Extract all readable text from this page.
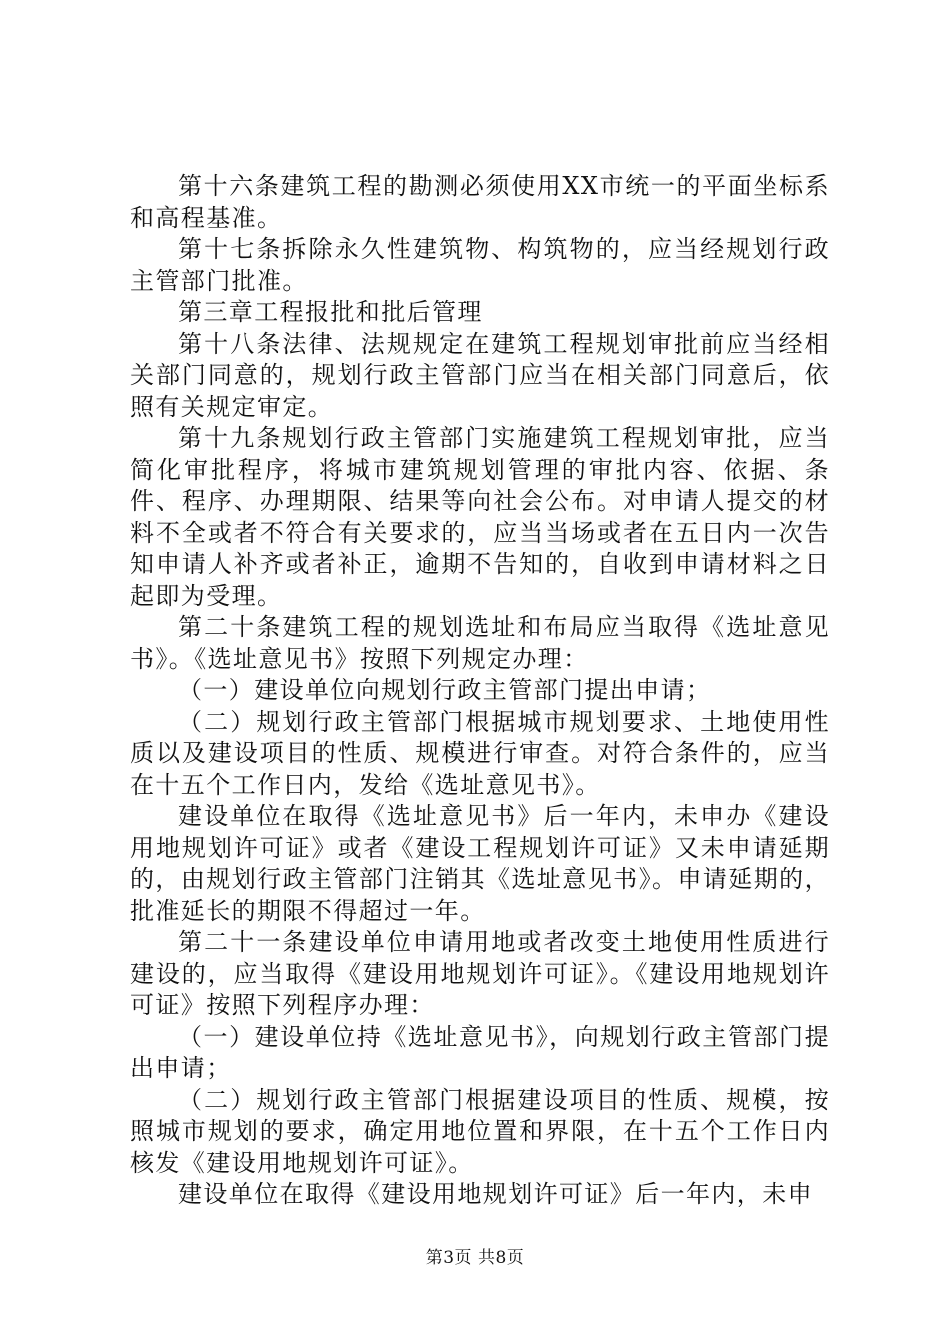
第十六条建筑工程的勘测必须使用XX市统一的平面坐标系和高程基准。

第十七条拆除永久性建筑物、构筑物的，应当经规划行政主管部门批准。

第三章工程报批和批后管理

第十八条法律、法规规定在建筑工程规划审批前应当经相关部门同意的，规划行政主管部门应当在相关部门同意后，依照有关规定审定。

第十九条规划行政主管部门实施建筑工程规划审批，应当简化审批程序，将城市建筑规划管理的审批内容、依据、条件、程序、办理期限、结果等向社会公布。对申请人提交的材料不全或者不符合有关要求的，应当当场或者在五日内一次告知申请人补齐或者补正，逾期不告知的，自收到申请材料之日起即为受理。

第二十条建筑工程的规划选址和布局应当取得《选址意见书》。《选址意见书》按照下列规定办理：

（一）建设单位向规划行政主管部门提出申请；

（二）规划行政主管部门根据城市规划要求、土地使用性质以及建设项目的性质、规模进行审查。对符合条件的，应当在十五个工作日内，发给《选址意见书》。

建设单位在取得《选址意见书》后一年内，未申办《建设用地规划许可证》或者《建设工程规划许可证》又未申请延期的，由规划行政主管部门注销其《选址意见书》。申请延期的，批准延长的期限不得超过一年。

第二十一条建设单位申请用地或者改变土地使用性质进行建设的，应当取得《建设用地规划许可证》。《建设用地规划许可证》按照下列程序办理：

（一）建设单位持《选址意见书》，向规划行政主管部门提出申请；

（二）规划行政主管部门根据建设项目的性质、规模，按照城市规划的要求，确定用地位置和界限，在十五个工作日内核发《建设用地规划许可证》。

建设单位在取得《建设用地规划许可证》后一年内，未申

第3页 共8页
